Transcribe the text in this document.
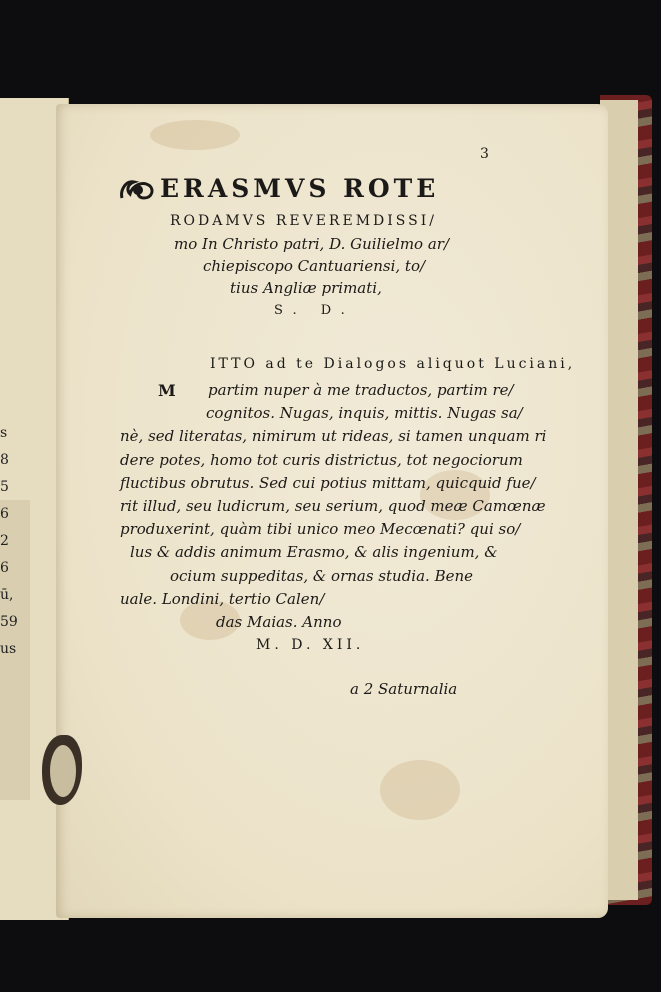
s
8
5
6
2
6
ū,
59
us
3
ERASMVS ROTE
RODAMVS REVEREMDISSI/
mo In Christo patri, D. Guilielmo ar/
chiepiscopo Cantuariensi, to/
tius Angliæ primati,
S. D.
ITTO ad te Dialogos aliquot Luciani,
M	partim nuper à me traductos, partim re/
cognitos. Nugas, inquis, mittis. Nugas sa/
nè, sed literatas, nimirum ut rideas, si tamen unquam ri
dere potes, homo tot curis districtus, tot negociorum
fluctibus obrutus. Sed cui potius mittam, quicquid fue/
rit illud, seu ludicrum, seu serium, quod meæ Camœnæ
produxerint, quàm tibi unico meo Mecœnati? qui so/
lus & addis animum Erasmo, & alis ingenium, &
ocium suppeditas, & ornas studia. Bene
uale. Londini, tertio Calen/
das Maias. Anno
M. D. XII.
a 2 Saturnalia
